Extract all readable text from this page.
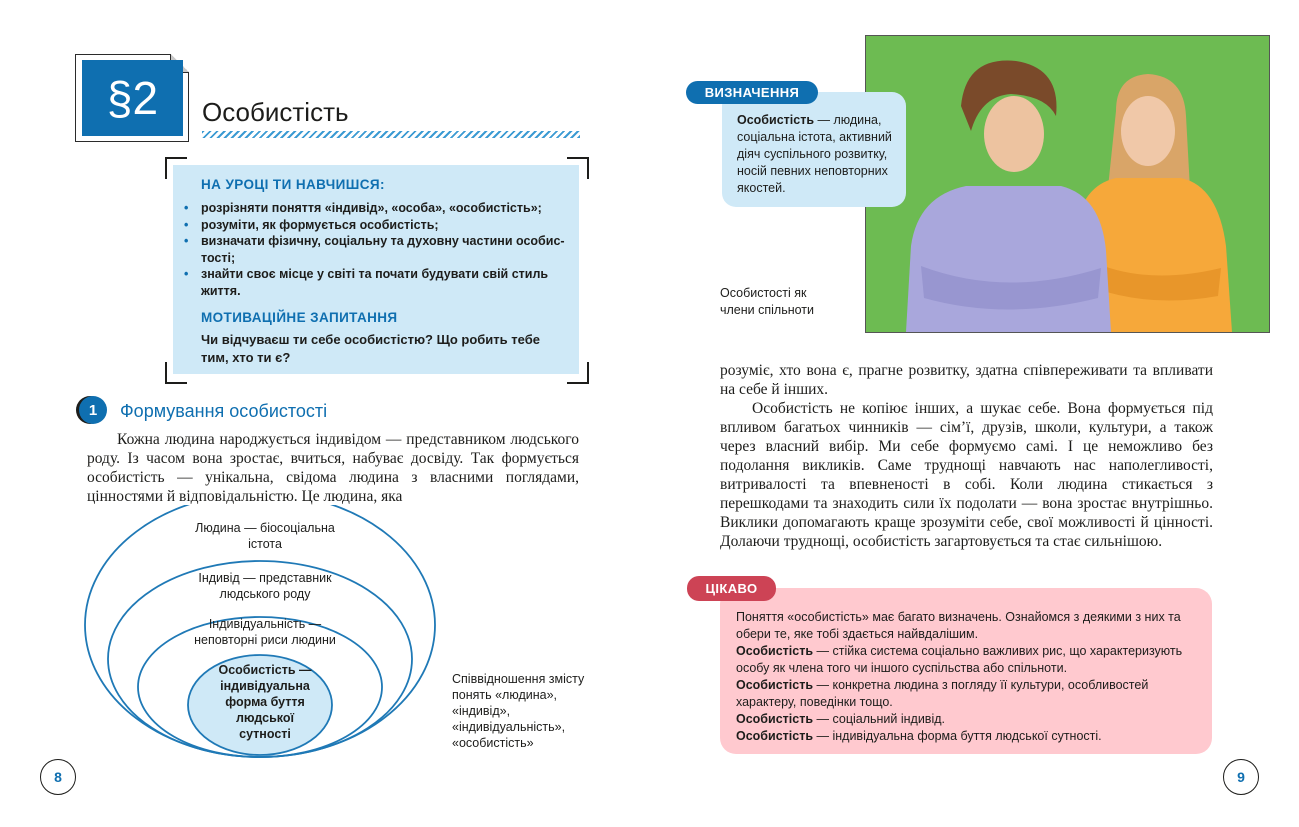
§2	Особистість
НА УРОЦІ ТИ НАВЧИШСЯ:
• розрізняти поняття «індивід», «особа», «особистість»;
• розуміти, як формується особистість;
• визначати фізичну, соціальну та духовну частини особистості;
• знайти своє місце у світі та почати будувати свій стиль життя.
МОТИВАЦІЙНЕ ЗАПИТАННЯ
Чи відчуваєш ти себе особистістю? Що робить тебе тим, хто ти є?
1	Формування особистості

Кожна людина народжується індивідом — представником людського роду. Із часом вона зростає, вчиться, набуває досвіду. Так формується особистість — унікальна, свідома людина з власними поглядами, цінностями й відповідальністю. Це людина, яка

Людина — біосоціальна істота
Індивід — представник людського роду
Індивідуальність — неповторні риси людини
Особистість — індивідуальна форма буття людської сутності
Співвідношення змісту понять «людина», «індивід», «індивідуальність», «особистість»
8
Особистість — людина, соціальна істота, активний діяч суспільного розвитку, носій певних неповторних якостей.
ВИЗНАЧЕННЯ
Особистості як члени спільноти

розуміє, хто вона є, прагне розвитку, здатна співпереживати та впливати на себе й інших.

Особистість не копіює інших, а шукає себе. Вона формується під впливом багатьох чинників — сім’ї, друзів, школи, культури, а також через власний вибір. Ми себе формуємо самі. І це неможливо без подолання викликів. Саме труднощі навчають нас наполегливості, витривалості та впевненості в собі. Коли людина стикається з перешкодами та знаходить сили їх подолати — вона зростає внутрішньо. Виклики допомагають краще зрозуміти себе, свої можливості й цінності. Долаючи труднощі, особистість загартовується та стає сильнішою.

Поняття «особистість» має багато визначень. Ознайомся з деякими з них та обери те, яке тобі здається найвдалішим.

Особистість — стійка система соціально важливих рис, що характеризують особу як члена того чи іншого суспільства або спільноти.

Особистість — конкретна людина з погляду її культури, особливостей характеру, поведінки тощо.

Особистість — соціальний індивід.

Особистість — індивідуальна форма буття людської сутності.

ЦІКАВО
9
